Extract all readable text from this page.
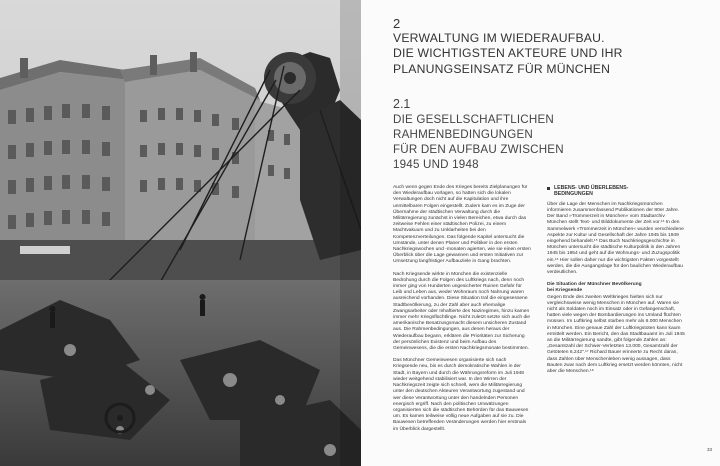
2
VERWALTUNG IM WIEDERAUFBAU.
DIE WICHTIGSTEN AKTEURE UND IHR
PLANUNGSEINSATZ FÜR MÜNCHEN
2.1
DIE GESELLSCHAFTLICHEN
RAHMENBEDINGUNGEN
FÜR DEN AUFBAU ZWISCHEN
1945 UND 1948

Auch wenn gegen Ende des Krieges bereits Zielplanungen für den Wiederaufbau vorlagen, so hatten sich die lokalen Verwaltungen doch nicht auf die Kapitulation und ihre unmittelbaren Folgen eingestellt. Zudem kam es im Zuge der Übernahme der städtischen Verwaltung durch die Militärregierung zunächst in vielen Bereichen, etwa durch das zeitweise Fehlen einer städtischen Polizei, zu einem Machtvakuum und zu Unklarheiten bei den Kompetenzverteilungen. Das folgende Kapitel untersucht die Umstände, unter denen Planer und Politiker in den ersten Nachkriegswochen und -monaten agierten, wie sie einen ersten Überblick über die Lage gewannen und ersten Initiativen zur Umsetzung langfristiger Aufbauziele in Gang brachten.

Nach Kriegsende wirkte in München die existenzielle Bedrohung durch die Folgen des Luftkriegs nach, denn noch immer ging von Hunderten ungesicherter Ruinen Gefahr für Leib und Leben aus, weder Wohnraum noch Nahrung waren ausreichend vorhanden. Diese Situation traf die eingesessene Stadtbevölkerung, zu der Zahl aber auch ehemalige Zwangsarbeiter oder Inhaftierte des Naziregimes, hinzu kamen immer mehr Kriegsflüchtlinge. Nicht zuletzt setzte sich auch die amerikanische Besatzungsmacht diesem unsicheren Zustand aus. Die Rahmenbedingungen, aus denen heraus der Wiederaufbau begann, erklären die Prioritäten zur Sicherung der persönlichen Existenz und beim Aufbau des Gemeinwesens, die die ersten Nachkriegsmonate bestimmten.

Das Münchner Gemeinwesen organisierte sich nach Kriegsende neu, bis es durch demokratische Wahlen in der Stadt, in Bayern und durch die Währungsreform im Juli 1948 wieder weitgehend stabilisiert war. In den Wirren der Nachkriegszeit zeigte sich schnell, wem die Militärregierung unter den deutschen Akteuren Verantwortung zugestand und wer diese Verantwortung unter den handelnden Personen energisch ergriff. Nach den politischen Umwälzungen organisierten sich die städtischen Behörden für das Bauwesen um. Es kamen teilweise völlig neue Aufgaben auf sie zu. Die Bauwesen betreffenden Veränderungen werden hier erstmals im Überblick dargestellt.

LEBENS- UND ÜBERLEBENS-
BEDINGUNGEN

Über die Lage der Menschen im Nachkriegsmünchen informieren zusammenfassend Publikationen der 80er Jahre. Der Band »Trümmerzeit in München« vom Stadtarchiv München stellt Text- und Bilddokumente der Zeit vor.¹⁶ In den Sammelwerk »Trümmerzeit in München« wurden verschiedene Aspekte zur Kultur und Gesellschaft der Jahre 1945 bis 1949 eingehend behandelt.¹⁵ Das Buch Nachkriegsgeschichte in München untersucht die städtische Kulturpolitik in den Jahren 1945 bis 1954 und geht auf die Wohnungs- und Zuzugspolitik ein.¹⁶ Hier sollen daher nur die wichtigsten Fakten vorgestellt werden, die die Ausgangslage für den baulichen Wiederaufbau verdeutlichen.

Die Situation der Münchner Bevölkerung
bei Kriegsende

Gegen Ende des zweiten Weltkrieges hielten sich nur vergleichsweise wenig Menschen in München auf. Waren sie nicht als Soldaten noch im Einsatz oder in Gefangenschaft, hatten viele wegen der Bombardierungen ins Umland flüchten müssen. Im Luftkrieg selbst starben mehr als 6.000 Menschen in München. Eine genaue Zahl der Luftkriegstoten kann kaum ermittelt werden. Ein Bericht, den das Stadtbauamt im Juli 1945 an die Militärregierung sandte, gibt folgende Zahlen an: „Gesamtzahl der Schwer-Verletzten 13.000, Gesamtzahl der Getöteten 6.242".¹⁷ Richard Bauer erinnerte zu Recht daran, dass Zahlen über Menschenleben wenig aussagen, dass Bauten zwar nach dem Luftkrieg ersetzt werden könnten, nicht aber die Menschen.¹⁸

33
